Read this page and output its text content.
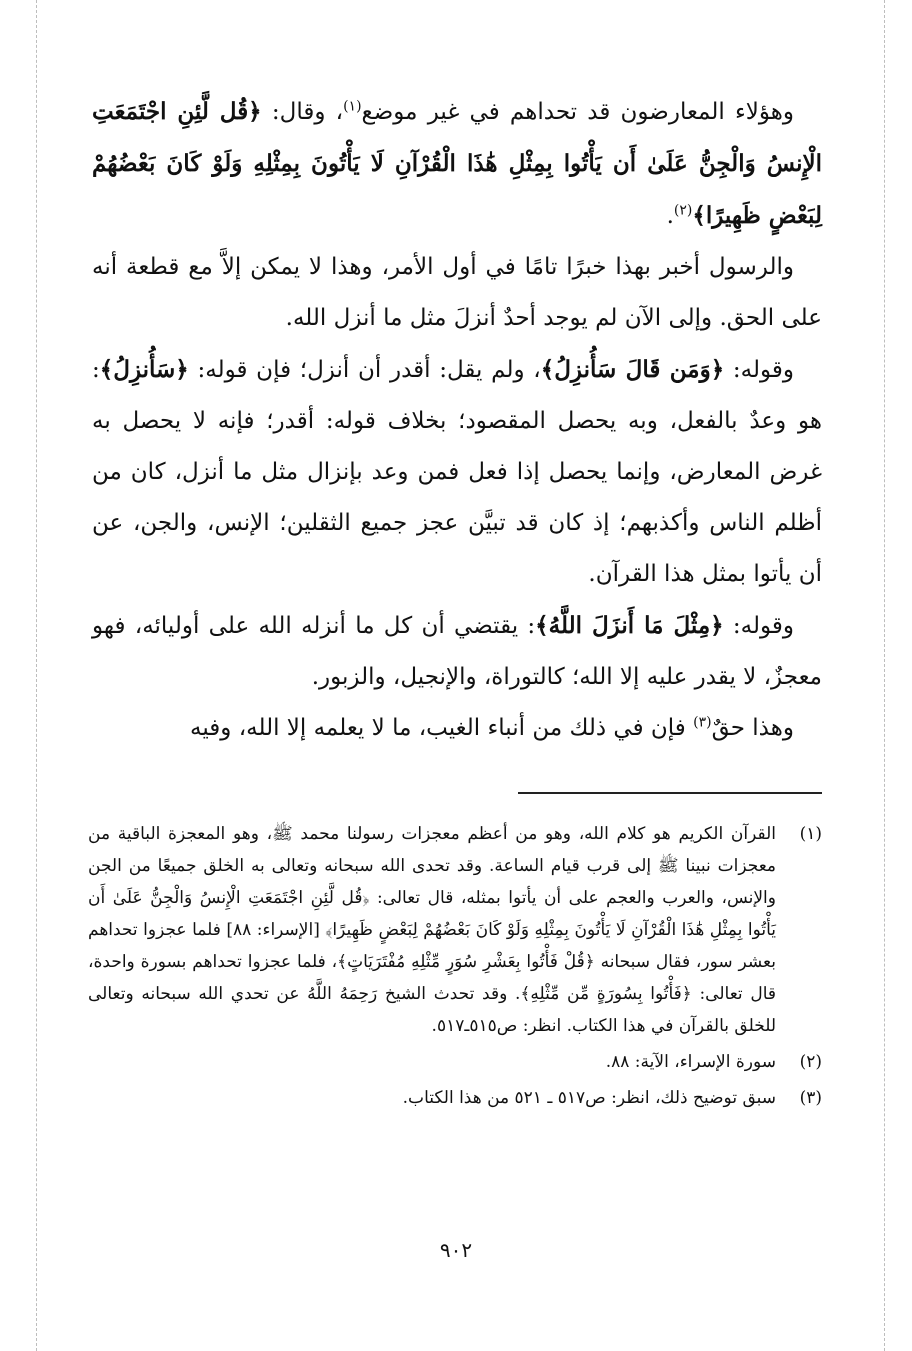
وهؤلاء المعارضون قد تحداهم في غير موضع$^{(١)}$، وقال: ﴿قُل لَّئِنِ اجْتَمَعَتِ الْإِنسُ وَالْجِنُّ عَلَىٰ أَن يَأْتُوا بِمِثْلِ هَٰذَا الْقُرْآنِ لَا يَأْتُونَ بِمِثْلِهِ وَلَوْ كَانَ بَعْضُهُمْ لِبَعْضٍ ظَهِيرًا﴾$^{(٢)}$.

والرسول أخبر بهذا خبرًا تامًا في أول الأمر، وهذا لا يمكن إلاَّ مع قطعة أنه على الحق. وإلى الآن لم يوجد أحدٌ أنزلَ مثل ما أنزل الله.

وقوله: ﴿وَمَن قَالَ سَأُنزِلُ﴾، ولم يقل: أقدر أن أنزل؛ فإن قوله: ﴿سَأُنزِلُ﴾: هو وعدٌ بالفعل، وبه يحصل المقصود؛ بخلاف قوله: أقدر؛ فإنه لا يحصل به غرض المعارض، وإنما يحصل إذا فعل فمن وعد بإنزال مثل ما أنزل، كان من أظلم الناس وأكذبهم؛ إذ كان قد تبيَّن عجز جميع الثقلين؛ الإنس، والجن، عن أن يأتوا بمثل هذا القرآن.

وقوله: ﴿مِثْلَ مَا أَنزَلَ اللَّهُ﴾: يقتضي أن كل ما أنزله الله على أوليائه، فهو معجزٌ، لا يقدر عليه إلا الله؛ كالتوراة، والإنجيل، والزبور.

وهذا حقٌ$^{(٣)}$ فإن في ذلك من أنباء الغيب، ما لا يعلمه إلا الله، وفيه

(١)
القرآن الكريم هو كلام الله، وهو من أعظم معجزات رسولنا محمد ﷺ، وهو المعجزة الباقية من معجزات نبينا ﷺ إلى قرب قيام الساعة. وقد تحدى الله سبحانه وتعالى به الخلق جميعًا من الجن والإنس، والعرب والعجم على أن يأتوا بمثله، قال تعالى: ﴿قُل لَّئِنِ اجْتَمَعَتِ الْإِنسُ وَالْجِنُّ عَلَىٰ أَن يَأْتُوا بِمِثْلِ هَٰذَا الْقُرْآنِ لَا يَأْتُونَ بِمِثْلِهِ وَلَوْ كَانَ بَعْضُهُمْ لِبَعْضٍ ظَهِيرًا﴾ [الإسراء: ٨٨] فلما عجزوا تحداهم بعشر سور، فقال سبحانه ﴿قُلْ فَأْتُوا بِعَشْرِ سُوَرٍ مِّثْلِهِ مُفْتَرَيَاتٍ﴾، فلما عجزوا تحداهم بسورة واحدة، قال تعالى: ﴿فَأْتُوا بِسُورَةٍ مِّن مِّثْلِهِ﴾. وقد تحدث الشيخ رَحِمَهُ اللَّهُ عن تحدي الله سبحانه وتعالى للخلق بالقرآن في هذا الكتاب. انظر: ص٥١٥ـ٥١٧.
(٢)
سورة الإسراء، الآية: ٨٨.
(٣)
سبق توضيح ذلك، انظر: ص٥١٧ ـ ٥٢١ من هذا الكتاب.
٩٠٢
